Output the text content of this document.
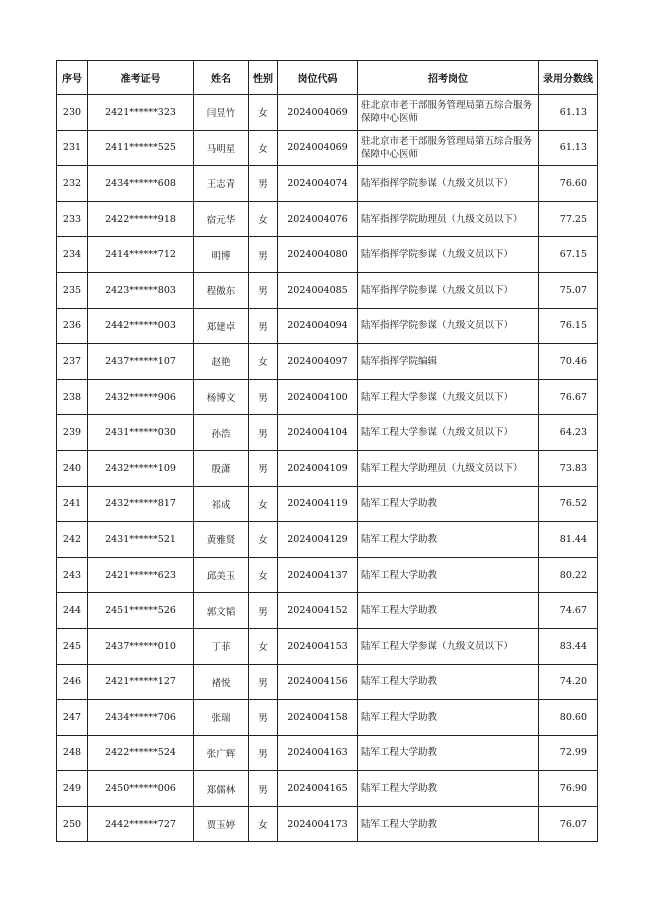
序号	准考证号	姓名	性别	岗位代码	招考岗位	录用分数线
230	2421******323	闫昱竹	女	2024004069	驻北京市老干部服务管理局第五综合服务保障中心医师	61.13
231	2411******525	马明星	女	2024004069	驻北京市老干部服务管理局第五综合服务保障中心医师	61.13
232	2434******608	王志青	男	2024004074	陆军指挥学院参谋（九级文员以下）	76.60
233	2422******918	宿元华	女	2024004076	陆军指挥学院助理员（九级文员以下）	77.25
234	2414******712	明博	男	2024004080	陆军指挥学院参谋（九级文员以下）	67.15
235	2423******803	程傲东	男	2024004085	陆军指挥学院参谋（九级文员以下）	75.07
236	2442******003	郑建卓	男	2024004094	陆军指挥学院参谋（九级文员以下）	76.15
237	2437******107	赵艳	女	2024004097	陆军指挥学院编辑	70.46
238	2432******906	杨博文	男	2024004100	陆军工程大学参谋（九级文员以下）	76.67
239	2431******030	孙浩	男	2024004104	陆军工程大学参谋（九级文员以下）	64.23
240	2432******109	殷潇	男	2024004109	陆军工程大学助理员（九级文员以下）	73.83
241	2432******817	祁成	女	2024004119	陆军工程大学助教	76.52
242	2431******521	黄雅贤	女	2024004129	陆军工程大学助教	81.44
243	2421******623	邱美玉	女	2024004137	陆军工程大学助教	80.22
244	2451******526	郭文韬	男	2024004152	陆军工程大学助教	74.67
245	2437******010	丁菲	女	2024004153	陆军工程大学参谋（九级文员以下）	83.44
246	2421******127	褚悦	男	2024004156	陆军工程大学助教	74.20
247	2434******706	张瑞	男	2024004158	陆军工程大学助教	80.60
248	2422******524	张广辉	男	2024004163	陆军工程大学助教	72.99
249	2450******006	郑儒林	男	2024004165	陆军工程大学助教	76.90
250	2442******727	贾玉婷	女	2024004173	陆军工程大学助教	76.07
